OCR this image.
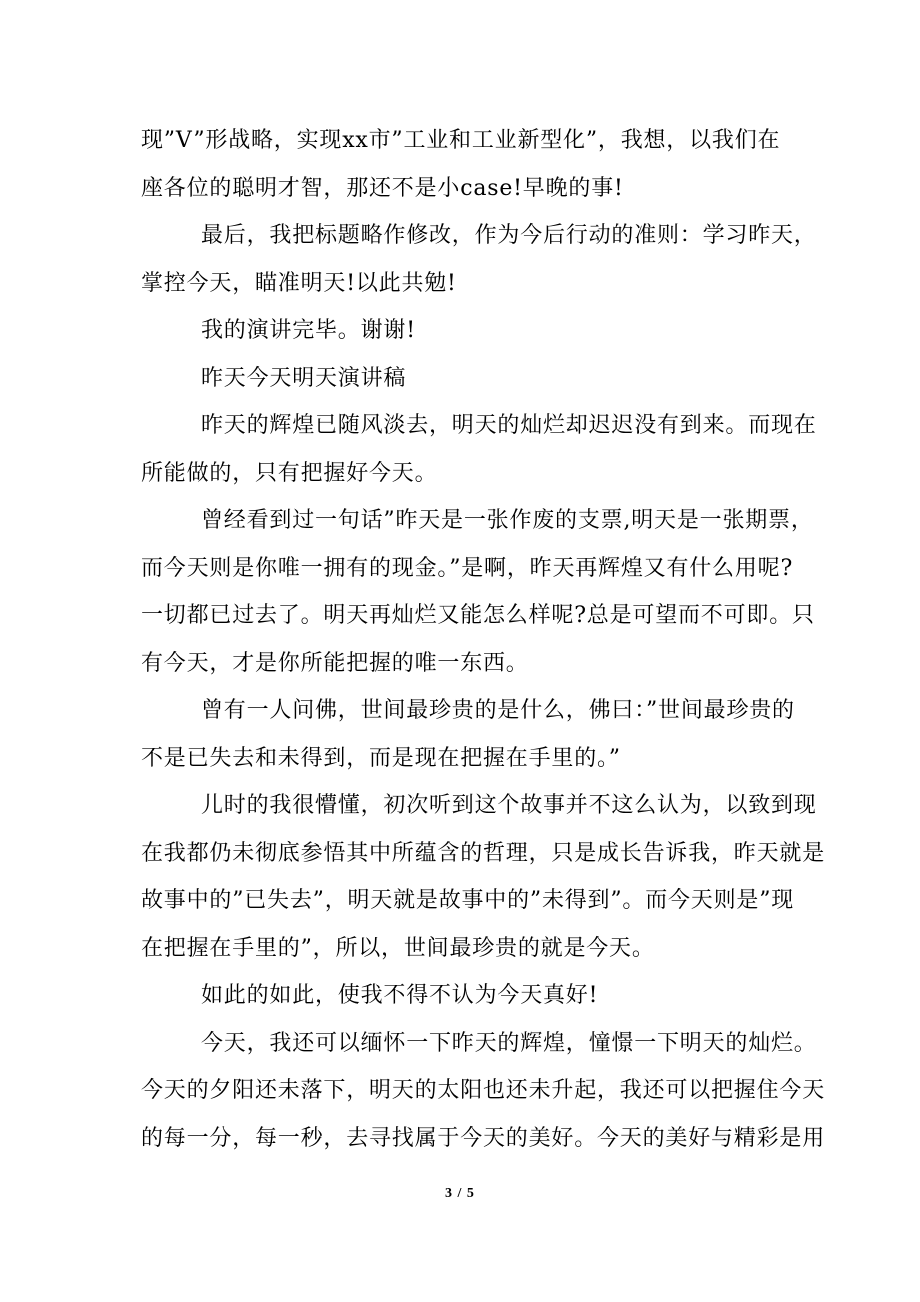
现”V”形战略，实现xx市”工业和工业新型化”，我想，以我们在

座各位的聪明才智，那还不是小case!早晚的事!

最后，我把标题略作修改，作为今后行动的准则：学习昨天，

掌控今天，瞄准明天!以此共勉!

我的演讲完毕。谢谢!

昨天今天明天演讲稿

昨天的辉煌已随风淡去，明天的灿烂却迟迟没有到来。而现在

所能做的，只有把握好今天。

曾经看到过一句话”昨天是一张作废的支票,明天是一张期票，

而今天则是你唯一拥有的现金。”是啊，昨天再辉煌又有什么用呢?

一切都已过去了。明天再灿烂又能怎么样呢?总是可望而不可即。只

有今天，才是你所能把握的唯一东西。

曾有一人问佛，世间最珍贵的是什么，佛曰：”世间最珍贵的

不是已失去和未得到，而是现在把握在手里的。”

儿时的我很懵懂，初次听到这个故事并不这么认为，以致到现

在我都仍未彻底参悟其中所蕴含的哲理，只是成长告诉我，昨天就是

故事中的”已失去”，明天就是故事中的”未得到”。而今天则是”现

在把握在手里的”，所以，世间最珍贵的就是今天。

如此的如此，使我不得不认为今天真好!

今天，我还可以缅怀一下昨天的辉煌，憧憬一下明天的灿烂。

今天的夕阳还未落下，明天的太阳也还未升起，我还可以把握住今天

的每一分，每一秒，去寻找属于今天的美好。今天的美好与精彩是用

3 / 5
